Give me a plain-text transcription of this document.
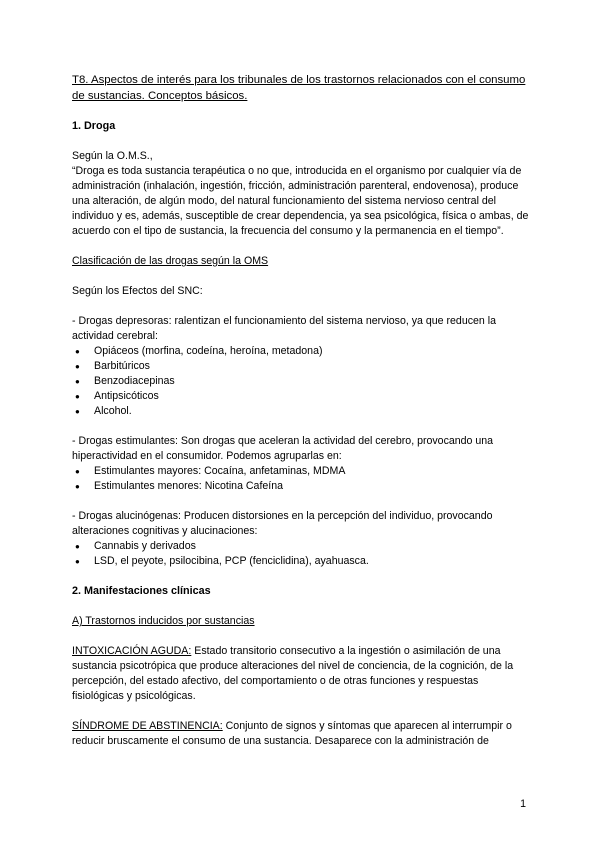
T8. Aspectos de interés para los tribunales de los trastornos relacionados con el consumo de sustancias. Conceptos básicos.

1. Droga

Según la O.M.S.,

“Droga es toda sustancia terapéutica o no que, introducida en el organismo por cualquier vía de administración (inhalación, ingestión, fricción, administración parenteral, endovenosa), produce una alteración, de algún modo, del natural funcionamiento del sistema nervioso central del individuo y es, además, susceptible de crear dependencia, ya sea psicológica, física o ambas, de acuerdo con el tipo de sustancia, la frecuencia del consumo y la permanencia en el tiempo”.

Clasificación de las drogas según la OMS

Según los Efectos del SNC:

- Drogas depresoras: ralentizan el funcionamiento del sistema nervioso, ya que reducen la actividad cerebral:

● Opiáceos (morfina, codeína, heroína, metadona)
● Barbitúricos
● Benzodiacepinas
● Antipsicóticos
● Alcohol.

- Drogas estimulantes: Son drogas que aceleran la actividad del cerebro, provocando una hiperactividad en el consumidor. Podemos agruparlas en:

● Estimulantes mayores: Cocaína, anfetaminas, MDMA
● Estimulantes menores: Nicotina Cafeína

- Drogas alucinógenas: Producen distorsiones en la percepción del individuo, provocando alteraciones cognitivas y alucinaciones:

● Cannabis y derivados
● LSD, el peyote, psilocibina, PCP (fenciclidina), ayahuasca.

2. Manifestaciones clínicas

A) Trastornos inducidos por sustancias

INTOXICACIÓN AGUDA: Estado transitorio consecutivo a la ingestión o asimilación de una sustancia psicotrópica que produce alteraciones del nivel de conciencia, de la cognición, de la percepción, del estado afectivo, del comportamiento o de otras funciones y respuestas fisiológicas y psicológicas.

SÍNDROME DE ABSTINENCIA: Conjunto de signos y síntomas que aparecen al interrumpir o reducir bruscamente el consumo de una sustancia. Desaparece con la administración de

1
